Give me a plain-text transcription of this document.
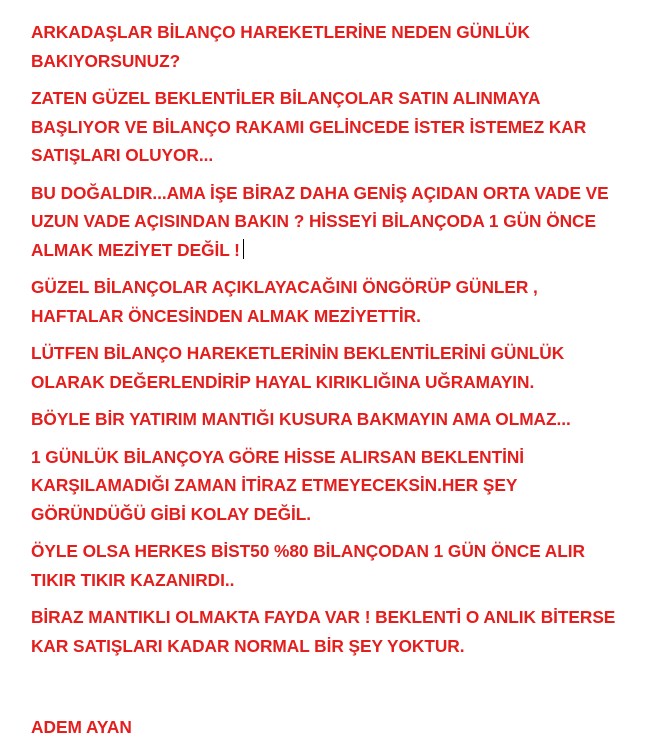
ARKADAŞLAR BİLANÇO HAREKETLERİNE NEDEN GÜNLÜK
BAKIYORSUNUZ?

ZATEN GÜZEL BEKLENTİLER BİLANÇOLAR SATIN ALINMAYA
BAŞLIYOR VE BİLANÇO RAKAMI GELİNCEDE İSTER İSTEMEZ KAR
SATIŞLARI OLUYOR...

BU DOĞALDIR...AMA İŞE BİRAZ DAHA GENİŞ AÇIDAN ORTA VADE VE
UZUN VADE AÇISINDAN BAKIN ? HİSSEYİ BİLANÇODA 1 GÜN ÖNCE
ALMAK MEZİYET DEĞİL !

GÜZEL BİLANÇOLAR AÇIKLAYACAĞINI ÖNGÖRÜP GÜNLER ,
HAFTALAR ÖNCESİNDEN ALMAK MEZİYETTİR.

LÜTFEN BİLANÇO HAREKETLERİNİN BEKLENTİLERİNİ GÜNLÜK
OLARAK DEĞERLENDİRİP HAYAL KIRIKLIĞINA UĞRAMAYIN.

BÖYLE BİR YATIRIM MANTIĞI KUSURA BAKMAYIN AMA OLMAZ...

1 GÜNLÜK BİLANÇOYA GÖRE HİSSE ALIRSAN BEKLENTİNİ
KARŞILAMADIĞI ZAMAN İTİRAZ ETMEYECEKSİN.HER ŞEY
GÖRÜNDÜĞÜ GİBİ KOLAY DEĞİL.

ÖYLE OLSA HERKES BİST50 %80 BİLANÇODAN 1 GÜN ÖNCE ALIR
TIKIR TIKIR KAZANIRDI..

BİRAZ MANTIKLI OLMAKTA FAYDA VAR ! BEKLENTİ O ANLIK BİTERSE
KAR SATIŞLARI KADAR NORMAL BİR ŞEY YOKTUR.

ADEM AYAN
